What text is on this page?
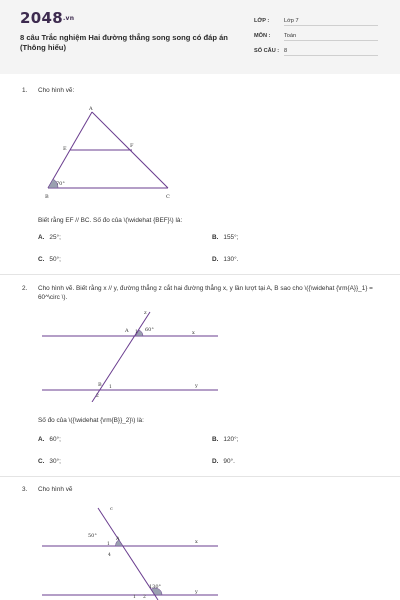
2048.vn
8 câu Trắc nghiệm Hai đường thẳng song song có đáp án (Thông hiểu)
LỚP :	Lớp 7
MÔN :	Toán
SỐ CÂU : 8
1. Cho hình vẽ:
A
E	F
B	C
70°
Biết rằng EF // BC. Số đo của \(\widehat {BEF}\) là:
A. 25°;	B. 155°;
C. 50°;	D. 130°.
2. Cho hình vẽ. Biết rằng x // y, đường thẳng z cắt hai đường thẳng x, y lần lượt tại A, B sao cho \({\widehat {\rm{A}}_1} = 60^\circ \).
z
A 1 60°	x
B 1
2
y
Số đo của \({\widehat {\rm{B}}_2}\) là:
A. 60°;	B. 120°;
C. 30°;	D. 90°.
3. Cho hình vẽ
c
50°	A
1	x
4
130°
1 2
y
